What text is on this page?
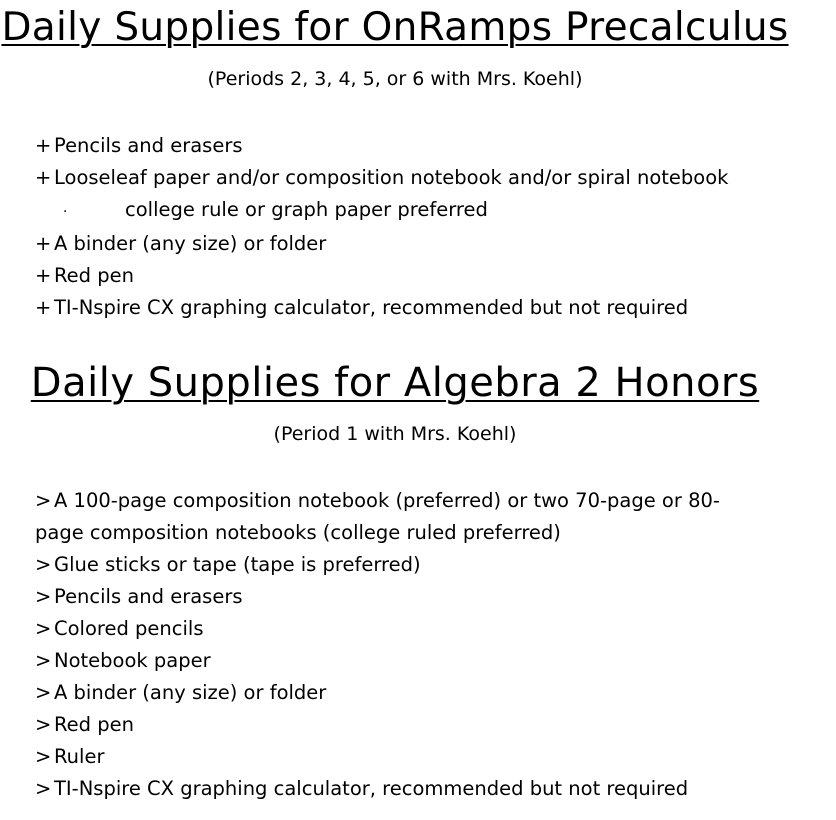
Daily Supplies for OnRamps Precalculus
(Periods 2, 3, 4, 5, or 6 with Mrs. Koehl)
+ Pencils and erasers
+ Looseleaf paper and/or composition notebook and/or spiral notebook
·	college rule or graph paper preferred
+ A binder (any size) or folder
+ Red pen
+ TI-Nspire CX graphing calculator, recommended but not required
Daily Supplies for Algebra 2 Honors
(Period 1 with Mrs. Koehl)
> A 100-page composition notebook (preferred) or two 70-page or 80-page composition notebooks (college ruled preferred)
> Glue sticks or tape (tape is preferred)
> Pencils and erasers
> Colored pencils
> Notebook paper
> A binder (any size) or folder
> Red pen
> Ruler
> TI-Nspire CX graphing calculator, recommended but not required
